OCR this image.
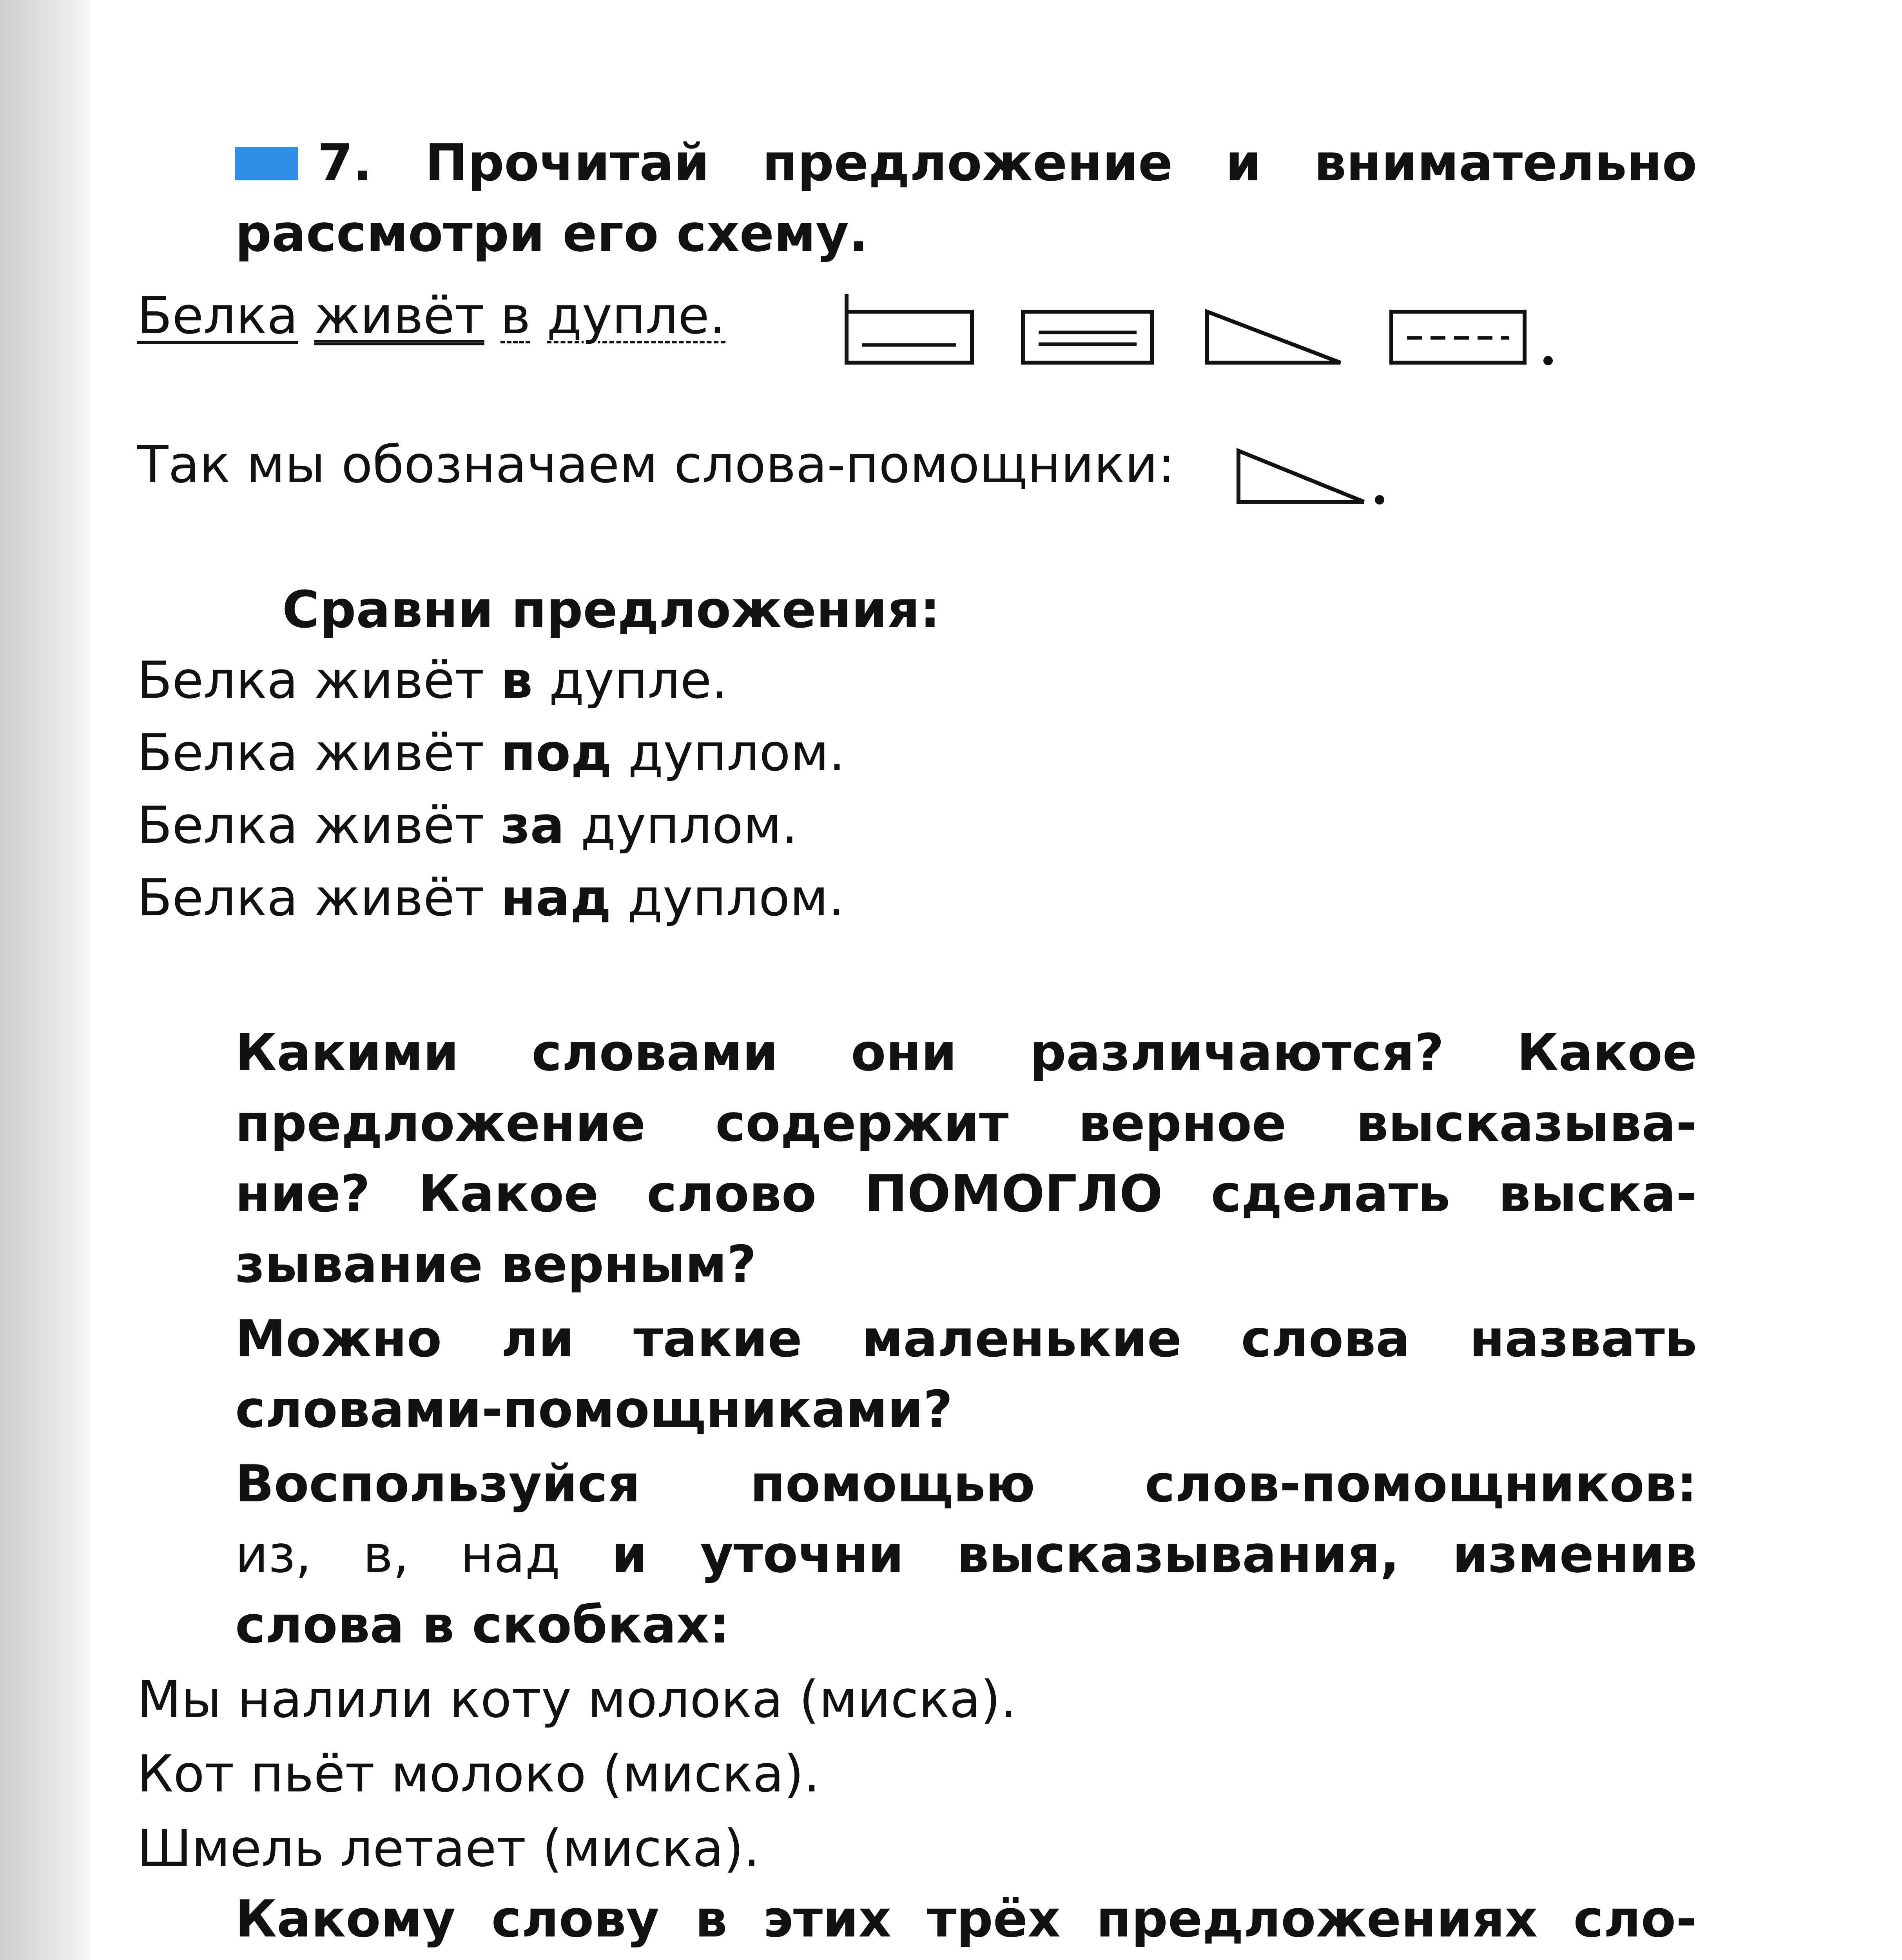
7. Прочитай предложение и внимательно

рассмотри его схему.

Белка живёт в дупле.

Так мы обозначаем слова-помощники:

Сравни предложения:

Белка живёт в дупле.

Белка живёт под дуплом.

Белка живёт за дуплом.

Белка живёт над дуплом.

Какими словами они различаются? Какое

предложение содержит верное высказыва-

ние? Какое слово ПОМОГЛО сделать выска-

зывание верным?

Можно ли такие маленькие слова назвать

словами-помощниками?

Воспользуйся помощью слов-помощников:

из, в, над и уточни высказывания, изменив

слова в скобках:

Мы налили коту молока (миска).

Кот пьёт молоко (миска).

Шмель летает (миска).

Какому слову в этих трёх предложениях сло-
